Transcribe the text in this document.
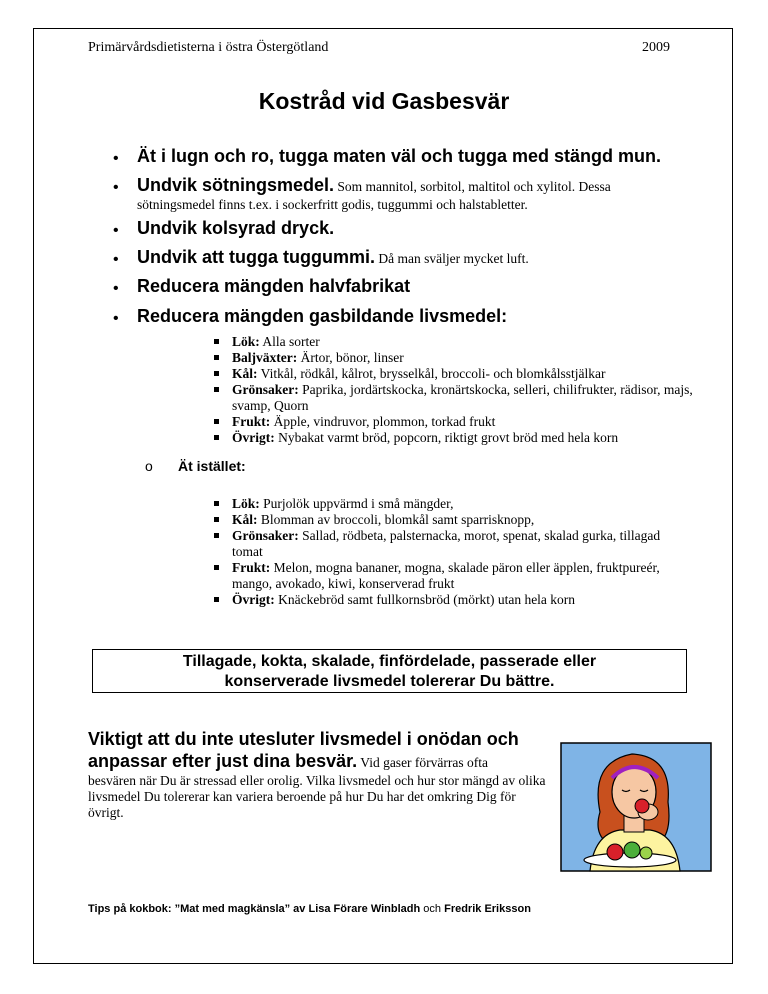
Primärvårdsdietisterna i östra Östergötland	2009
Kostråd vid Gasbesvär
• Ät i lugn och ro, tugga maten väl och tugga med stängd mun.
• Undvik sötningsmedel. Som mannitol, sorbitol, maltitol och xylitol. Dessa
sötningsmedel finns t.ex. i sockerfritt godis, tuggummi och halstabletter.
• Undvik kolsyrad dryck.
• Undvik att tugga tuggummi. Då man sväljer mycket luft.
• Reducera mängden halvfabrikat
• Reducera mängden gasbildande livsmedel:
Lök: Alla sorter
Baljväxter: Ärtor, bönor, linser
Kål: Vitkål, rödkål, kålrot, brysselkål, broccoli- och blomkålsstjälkar
Grönsaker: Paprika, jordärtskocka, kronärtskocka, selleri, chilifrukter, rädisor, majs, svamp, Quorn
Frukt: Äpple, vindruvor, plommon, torkad frukt
Övrigt: Nybakat varmt bröd, popcorn, riktigt grovt bröd med hela korn
o Ät istället:
Lök: Purjolök uppvärmd i små mängder,
Kål: Blomman av broccoli, blomkål samt sparrisknopp,
Grönsaker: Sallad, rödbeta, palsternacka, morot, spenat, skalad gurka, tillagad tomat
Frukt: Melon, mogna bananer, mogna, skalade päron eller äpplen, fruktpureér, mango, avokado, kiwi, konserverad frukt
Övrigt: Knäckebröd samt fullkornsbröd (mörkt) utan hela korn
Tillagade, kokta, skalade, finfördelade, passerade eller
konserverade livsmedel tolererar Du bättre.
Viktigt att du inte utesluter livsmedel i onödan och anpassar efter just dina besvär. Vid gaser förvärras ofta
besvären när Du är stressad eller orolig. Vilka livsmedel och hur stor mängd av olika livsmedel Du tolererar kan variera beroende på hur Du har det omkring Dig för övrigt.
Tips på kokbok: ”Mat med magkänsla” av Lisa Förare Winbladh och Fredrik Eriksson
